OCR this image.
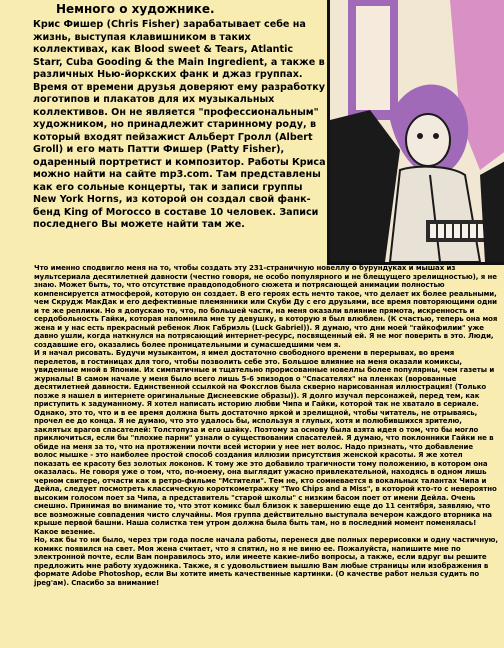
Немного о художнике.

Крис Фишер (Chris Fisher) зарабатывает себе на жизнь, выступая клавишником в таких коллективах, как Blood sweet & Tears, Atlantic Starr, Cuba Gooding & the Main Ingredient, а также в различных Нью-йоркских фанк и джаз группах. Время от времени друзья доверяют ему разработку логотипов и плакатов для их музыкальных коллективов. Он не является "профессиональным" художником, но принадлежит старинному роду, в который входят пейзажист Альберт Гролл (Albert Groll) и его мать Патти Фишер (Patty Fisher), одаренный портретист и композитор. Работы Криса можно найти на сайте mp3.com. Там представлены как его сольные концерты, так и записи группы New York Horns, из которой он создал свой фанк-бенд King of Morocco в составе 10 человек. Записи последнего Вы можете найти там же.

Что именно сподвигло меня на то, чтобы создать эту 231-страничную новеллу о бурундуках и мышах из мультсериала десятилетней давности (честно говоря, не особо популярного и не блещущего зрелищностью), я не знаю. Может быть, то, что отсутствие правдоподобного сюжета и потрясающей анимации полностью компенсируется атмосферой, которую он создает. В его героях есть нечто такое, что делает их более реальными, чем Скрудж МакДак и его дефективные племянники или Скуби Ду с его друзьями, все время повторяющими одни и те же реплики. Но я допускаю то, что, по большей части, на меня оказали влияние прямота, искренность и сердобольность Гайки, которая напомнила мне ту девушку, в которую я был влюблен. (К счастью, теперь она моя жена и у нас есть прекрасный ребенок Люк Габриэль (Luck Gabriel)). Я думаю, что дни моей "гайкофилии" уже давно ушли, когда наткнулся на потрясающий интернет-ресурс, посвященный ей. Я не мог поверить в это. Люди, создавшие его, оказались более проницательными и сумасшедшими чем я.

И я начал рисовать. Будучи музыкантом, я имел достаточно свободного времени в перерывах, во время перелетов, в гостиницах для того, чтобы позволить себе это. Большое влияние на меня оказали комиксы, увиденные мной в Японии. Их симпатичные и тщательно прорисованные новеллы более популярны, чем газеты и журналы! В самом начале у меня было всего лишь 5-6 эпизодов о "Спасателях" на пленках (ворованные десятилетней давности. Единственной ссылкой на Фоксглов была скверно нарисованная иллюстрация! (Только позже я нашел в интернете оригинальные Диснеевские образы)). Я долго изучал персонажей, перед тем, как приступить к задуманному. Я хотел написать историю любви Чипа и Гайки, которой так не хватало в сериале. Однако, это то, что и в ее время должна быть достаточно яркой и зрелищной, чтобы читатель, не отрываясь, прочел ее до конца. Я не думаю, что это удалось бы, используя я глупых, хотя и полюбившихся зрителю, заклятых врагов спасателей: Толстопуза и его шайку. Поэтому за основу была взята идея о том, что бы могло приключиться, если бы "плохие парни" узнали о существовании спасателей. Я думаю, что поклонники Гайки не в обиде на меня за то, что на протяжении почти всей истории у нее нет волос. Надо признать, что добавление волос мышке - это наиболее простой способ создания иллюзии присутствия женской красоты. Я же хотел показать ее красоту без золотых локонов. К тому же это добавило трагичности тому положению, в котором она оказалась. Не говоря уже о том, что, по-моему, она выглядит ужасно привлекательной, находясь в одном лишь черном свитере, отчасти как в ретро-фильме "Мстители". Тем не, кто сомневается в вокальных талантах Чипа и Дейла, следует посмотреть классическую короткометражку "Two Chips and a Miss", в которой кто-то с невероятно высоким голосом поет за Чипа, а представитель "старой школы" с низким басом поет от имени Дейла. Очень смешно. Принимая во внимание то, что этот комикс был близок к завершению еще до 11 сентября, заявляю, что все возможные совпадения чисто случайны. Моя группа действительно выступала вечером каждого вторника на крыше первой башни. Наша солистка тем утром должна была быть там, но в последний момент поменялась! Какое везение.

Но, как бы то ни было, через три года после начала работы, перенеся две полных перерисовки и одну частичную, комикс появился на свет. Моя жена считает, что я спятил, но я не виню ее. Пожалуйста, напишите мне по электронной почте, если Вам понравилось это, или имеете какие-либо вопросы, а также, если вдруг вы решите предложить мне работу художника. Также, я с удовольствием вышлю Вам любые страницы или изображения в формате Adobe Photoshop, если Вы хотите иметь качественные картинки. (О качестве работ нельзя судить по jpeg'ам). Спасибо за внимание!
